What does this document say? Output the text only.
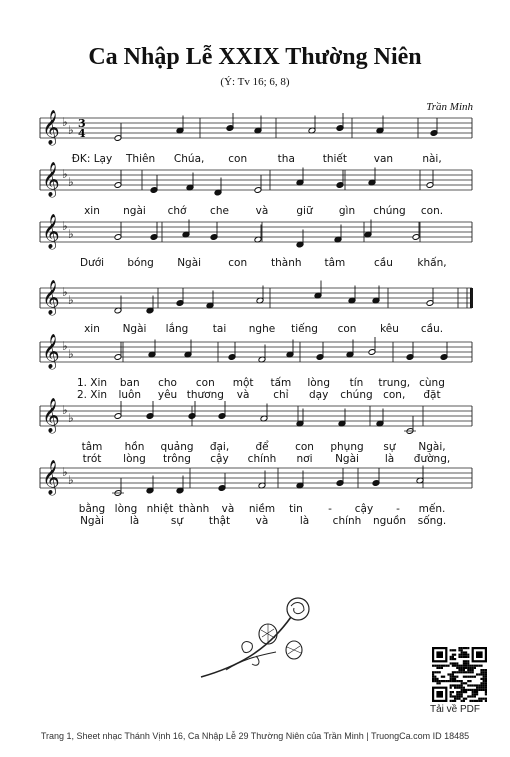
Ca Nhập Lễ XXIX Thường Niên
(Ý: Tv 16; 6, 8)
Trần Minh
𝄞 ♭
♭ 3
4
ĐK: Lạy Thiên Chúa, con	tha	thiết	van	nài,
𝄞 ♭
♭
xin ngài chớ che	và	giữ	gìn chúng con.
𝄞 ♭
♭
Dưới bóng Ngài	con thành tâm	cầu khấn,
𝄞 ♭
♭
xin Ngài lắng tai nghe tiếng con kêu cầu.
𝄞 ♭
♭
1. Xin ban cho con một tấm lòng tín trung, cùng
2. Xin luôn yêu thương và chỉ dạy chúng con, đặt
𝄞 ♭
♭
tâm hồn quảng đại,	để	con phụng sự Ngài,
trót lòng trông cậy chính nơi Ngài là đường,
𝄞 ♭
♭
bằng lòng nhiệt thành và niềm tin - cậy - mến.
Ngài là	sự thật và	là chính nguồn sống.
Tải về PDF
Trang 1, Sheet nhạc Thánh Vịnh 16, Ca Nhập Lễ 29 Thường Niên của Trần Minh | TruongCa.com ID 18485
